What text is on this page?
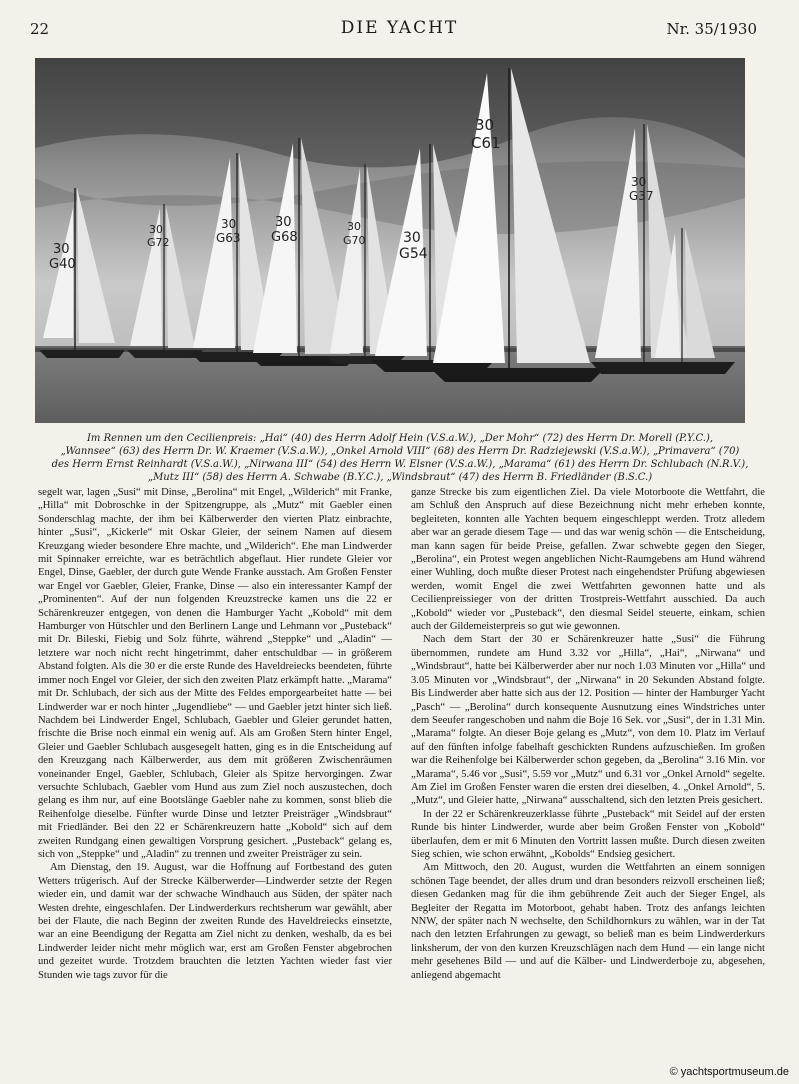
22	DIE YACHT	Nr. 35/1930
30
G40
30
G72
30
G63
30
G68
30
G70	30
G54
30
C61
30
G37

Im Rennen um den Cecilienpreis: „Hai“ (40) des Herrn Adolf Hein (V.S.a.W.), „Der Mohr“ (72) des Herrn Dr. Morell (P.Y.C.),

„Wannsee“ (63) des Herrn Dr. W. Kraemer (V.S.a.W.), „Onkel Arnold VIII“ (68) des Herrn Dr. Radziejewski (V.S.a.W.), „Primavera“ (70)

des Herrn Ernst Reinhardt (V.S.a.W.), „Nirwana III“ (54) des Herrn W. Elsner (V.S.a.W.), „Marama“ (61) des Herrn Dr. Schlubach (N.R.V.),

„Mutz III“ (58) des Herrn A. Schwabe (B.Y.C.), „Windsbraut“ (47) des Herrn B. Friedländer (B.S.C.)

segelt war, lagen „Susi“ mit Dinse, „Berolina“ mit Engel, „Wilderich“ mit Franke, „Hilla“ mit Dobroschke in der Spitzengruppe, als „Mutz“ mit Gaebler einen Sonderschlag machte, der ihm bei Kälberwerder den vierten Platz einbrachte, hinter „Susi“, „Kickerle“ mit Oskar Gleier, der seinem Namen auf diesem Kreuzgang wieder besondere Ehre machte, und „Wilderich“. Ehe man Lindwerder mit Spinnaker erreichte, war es beträchtlich abgeflaut. Hier rundete Gleier vor Engel, Dinse, Gaebler, der durch gute Wende Franke ausstach. Am Großen Fenster war Engel vor Gaebler, Gleier, Franke, Dinse — also ein interessanter Kampf der „Prominenten“. Auf der nun folgenden Kreuzstrecke kamen uns die 22 er Schärenkreuzer entgegen, von denen die Hamburger Yacht „Kobold“ mit dem Hamburger von Hütschler und den Berlinern Lange und Lehmann vor „Pusteback“ mit Dr. Bileski, Fiebig und Solz führte, während „Steppke“ und „Aladin“ — letztere war noch nicht recht hingetrimmt, daher entschuldbar — in größerem Abstand folgten. Als die 30 er die erste Runde des Haveldreiecks beendeten, führte immer noch Engel vor Gleier, der sich den zweiten Platz erkämpft hatte. „Marama“ mit Dr. Schlubach, der sich aus der Mitte des Feldes emporgearbeitet hatte — bei Lindwerder war er noch hinter „Jugendliebe“ — und Gaebler jetzt hinter sich ließ. Nachdem bei Lindwerder Engel, Schlubach, Gaebler und Gleier gerundet hatten, frischte die Brise noch einmal ein wenig auf. Als am Großen Stern hinter Engel, Gleier und Gaebler Schlubach ausgesegelt hatten, ging es in die Entscheidung auf den Kreuzgang nach Kälberwerder, aus dem mit größeren Zwischenräumen voneinander Engel, Gaebler, Schlubach, Gleier als Spitze hervorgingen. Zwar versuchte Schlubach, Gaebler vom Hund aus zum Ziel noch auszustechen, doch gelang es ihm nur, auf eine Bootslänge Gaebler nahe zu kommen, sonst blieb die Reihenfolge dieselbe. Fünfter wurde Dinse und letzter Preisträger „Windsbraut“ mit Friedländer. Bei den 22 er Schärenkreuzern hatte „Kobold“ sich auf dem zweiten Rundgang einen gewaltigen Vorsprung gesichert. „Pusteback“ gelang es, sich von „Steppke“ und „Aladin“ zu trennen und zweiter Preisträger zu sein.

Am Dienstag, den 19. August, war die Hoffnung auf Fortbestand des guten Wetters trügerisch. Auf der Strecke Kälberwerder—Lindwerder setzte der Regen wieder ein, und damit war der schwache Windhauch aus Süden, der später nach Westen drehte, eingeschlafen. Der Lindwerderkurs rechtsherum war gewählt, aber bei der Flaute, die nach Beginn der zweiten Runde des Haveldreiecks einsetzte, war an eine Beendigung der Regatta am Ziel nicht zu denken, weshalb, da es bei Lindwerder leider nicht mehr möglich war, erst am Großen Fenster abgebrochen und gezeitet wurde. Trotzdem brauchten die letzten Yachten wieder fast vier Stunden wie tags zuvor für die

ganze Strecke bis zum eigentlichen Ziel. Da viele Motorboote die Wettfahrt, die am Schluß den Anspruch auf diese Bezeichnung nicht mehr erheben konnte, begleiteten, konnten alle Yachten bequem eingeschleppt werden. Trotz alledem aber war an gerade diesem Tage — und das war wenig schön — die Entscheidung, man kann sagen für beide Preise, gefallen. Zwar schwebte gegen den Sieger, „Berolina“, ein Protest wegen angeblichen Nicht-Raumgebens am Hund während einer Wuhling, doch mußte dieser Protest nach eingehendster Prüfung abgewiesen werden, womit Engel die zwei Wettfahrten gewonnen hatte und als Cecilienpreissieger von der dritten Trostpreis-Wettfahrt ausschied. Da auch „Kobold“ wieder vor „Pusteback“, den diesmal Seidel steuerte, einkam, schien auch der Gildemeisterpreis so gut wie gewonnen.

Nach dem Start der 30 er Schärenkreuzer hatte „Susi“ die Führung übernommen, rundete am Hund 3.32 vor „Hilla“, „Hai“, „Nirwana“ und „Windsbraut“, hatte bei Kälberwerder aber nur noch 1.03 Minuten vor „Hilla“ und 3.05 Minuten vor „Windsbraut“, der „Nirwana“ in 20 Sekunden Abstand folgte. Bis Lindwerder aber hatte sich aus der 12. Position — hinter der Hamburger Yacht „Pasch“ — „Berolina“ durch konsequente Ausnutzung eines Windstriches unter dem Seeufer rangeschoben und nahm die Boje 16 Sek. vor „Susi“, der in 1.31 Min. „Marama“ folgte. An dieser Boje gelang es „Mutz“, von dem 10. Platz im Verlauf auf den fünften infolge fabelhaft geschickten Rundens aufzuschießen. Im großen war die Reihenfolge bei Kälberwerder schon gegeben, da „Berolina“ 3.16 Min. vor „Marama“, 5.46 vor „Susi“, 5.59 vor „Mutz“ und 6.31 vor „Onkel Arnold“ segelte. Am Ziel im Großen Fenster waren die ersten drei dieselben, 4. „Onkel Arnold“, 5. „Mutz“, und Gleier hatte, „Nirwana“ ausschaltend, sich den letzten Preis gesichert.

In der 22 er Schärenkreuzerklasse führte „Pusteback“ mit Seidel auf der ersten Runde bis hinter Lindwerder, wurde aber beim Großen Fenster von „Kobold“ überlaufen, dem er mit 6 Minuten den Vortritt lassen mußte. Durch diesen zweiten Sieg schien, wie schon erwähnt, „Kobolds“ Endsieg gesichert.

Am Mittwoch, den 20. August, wurden die Wettfahrten an einem sonnigen schönen Tage beendet, der alles drum und dran besonders reizvoll erscheinen ließ; diesen Gedanken mag für die ihm gebührende Zeit auch der Sieger Engel, als Begleiter der Regatta im Motorboot, gehabt haben. Trotz des anfangs leichten NNW, der später nach N wechselte, den Schildhornkurs zu wählen, war in der Tat nach den letzten Erfahrungen zu gewagt, so beließ man es beim Lindwerderkurs linksherum, der von den kurzen Kreuzschlägen nach dem Hund — ein lange nicht mehr gesehenes Bild — und auf die Kälber- und Lindwerderboje zu, abgesehen, anliegend abgemacht

© yachtsportmuseum.de
